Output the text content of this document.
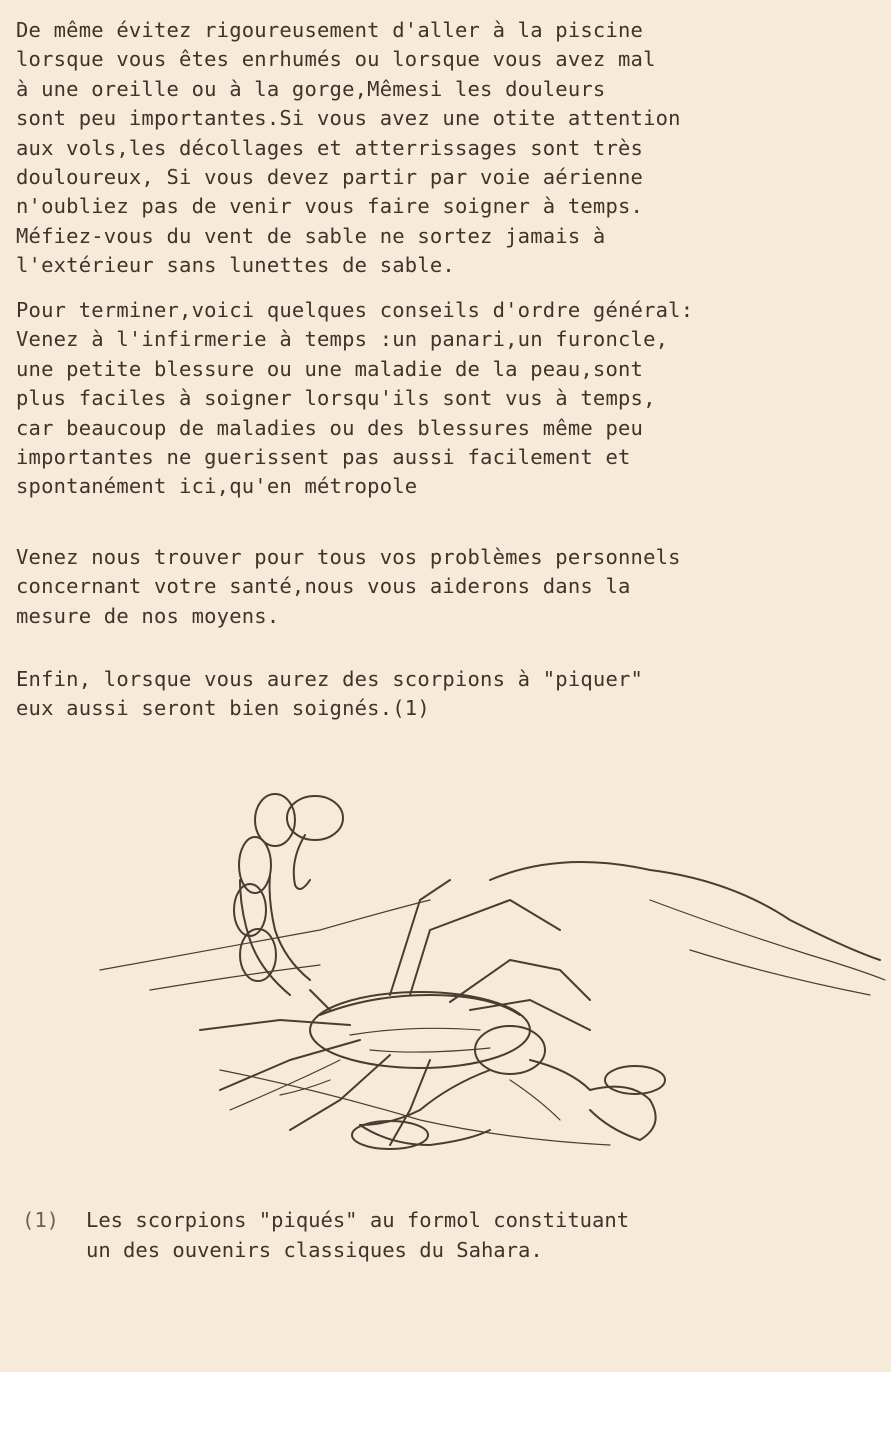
De même évitez rigoureusement d'aller à la piscine
lorsque vous êtes enrhumés ou lorsque vous avez mal
à une oreille ou à la gorge,Mêmesi les douleurs
sont peu importantes.Si vous avez une otite attention
aux vols,les décollages et atterrissages sont très
douloureux, Si vous devez partir par voie aérienne
n'oubliez pas de venir vous faire soigner à temps.
Méfiez-vous du vent de sable ne sortez jamais à
l'extérieur sans lunettes de sable.

Pour terminer,voici quelques conseils d'ordre général:
Venez à l'infirmerie à temps :un panari,un furoncle,
une petite blessure ou une maladie de la peau,sont
plus faciles à soigner lorsqu'ils sont vus à temps,
car beaucoup de maladies ou des blessures même peu
importantes ne guerissent pas aussi facilement et
spontanément ici,qu'en métropole

Venez nous trouver pour tous vos problèmes personnels
concernant votre santé,nous vous aiderons dans la
mesure de nos moyens.

Enfin, lorsque vous aurez des scorpions à "piquer"
eux aussi seront bien soignés.(1)

(1) Les scorpions "piqués" au formol constituant
un des ouvenirs classiques du Sahara.
